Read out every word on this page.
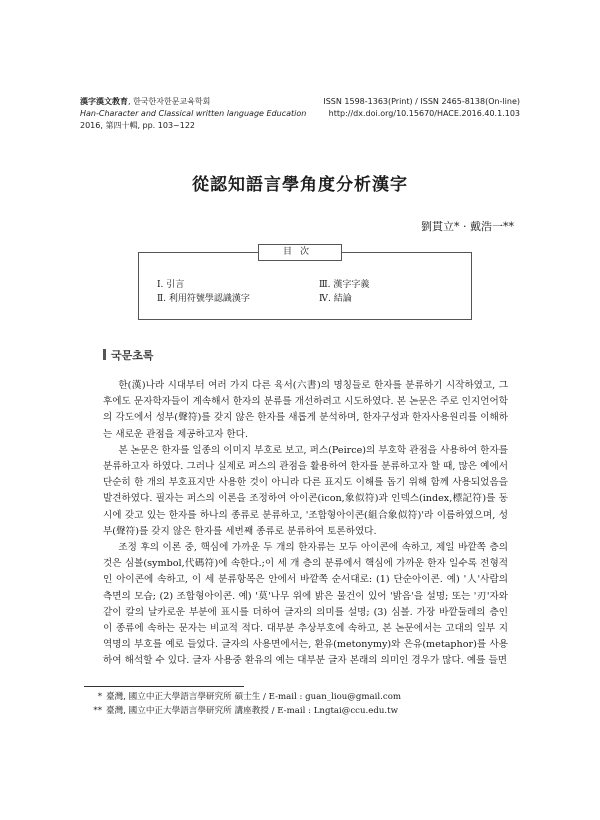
漢字漢文教育, 한국한자한문교육학회
Han-Character and Classical written language Education
2016, 第四十輯, pp. 103~122
ISSN 1598-1363(Print) / ISSN 2465-8138(On-line)
http://dx.doi.org/10.15670/HACE.2016.40.1.103
從認知語言學角度分析漢字
劉貫立* · 戴浩一**
Ⅰ. 引言	Ⅲ. 漢字字義
Ⅱ. 利用符號學認識漢字	Ⅳ. 結論
目次
국문초록

한(漢)나라 시대부터 여러 가지 다른 육서(六書)의 명칭들로 한자를 분류하기 시작하였고, 그 후에도 문자학자들이 계속해서 한자의 분류를 개선하려고 시도하였다. 본 논문은 주로 인지언어학의 각도에서 성부(聲符)를 갖지 않은 한자를 새롭게 분석하며, 한자구성과 한자사용원리를 이해하는 새로운 관점을 제공하고자 한다.

본 논문은 한자를 일종의 이미지 부호로 보고, 퍼스(Peirce)의 부호학 관점을 사용하여 한자를 분류하고자 하였다. 그러나 실제로 퍼스의 관점을 활용하여 한자를 분류하고자 할 때, 많은 예에서 단순히 한 개의 부호표지만 사용한 것이 아니라 다른 표지도 이해를 돕기 위해 함께 사용되었음을 발견하였다. 필자는 퍼스의 이론을 조정하여 아이콘(icon,象似符)과 인덱스(index,標記符)를 동시에 갖고 있는 한자를 하나의 종류로 분류하고, '조합형아이콘(組合象似符)'라 이름하였으며, 성부(聲符)를 갖지 않은 한자를 세번째 종류로 분류하여 토론하였다.

조정 후의 이론 중, 핵심에 가까운 두 개의 한자류는 모두 아이콘에 속하고, 제일 바깥쪽 층의 것은 심볼(symbol,代碼符)에 속한다.;이 세 개 층의 분류에서 핵심에 가까운 한자 일수록 전형적인 아이콘에 속하고, 이 세 분류항목은 안에서 바깥쪽 순서대로: (1) 단순아이콘. 예) '人'사람의 측면의 모습; (2) 조합형아이콘. 예) '莫'나무 위에 밝은 물건이 있어 '밝음'을 설명; 또는 '刃'자와 같이 칼의 날카로운 부분에 표시를 더하여 글자의 의미를 설명; (3) 심볼. 가장 바깥둘레의 층인 이 종류에 속하는 문자는 비교적 적다. 대부분 추상부호에 속하고, 본 논문에서는 고대의 일부 지역명의 부호를 예로 들었다. 글자의 사용면에서는, 환유(metonymy)와 은유(metaphor)를 사용하여 해석할 수 있다. 글자 사용중 환유의 예는 대부분 글자 본래의 의미인 경우가 많다. 예를 들면

* 臺灣, 國立中正大學語言學研究所 碩士生 / E-mail : guan_liou@gmail.com
** 臺灣, 國立中正大學語言學研究所 講座教授 / E-mail : Lngtai@ccu.edu.tw
